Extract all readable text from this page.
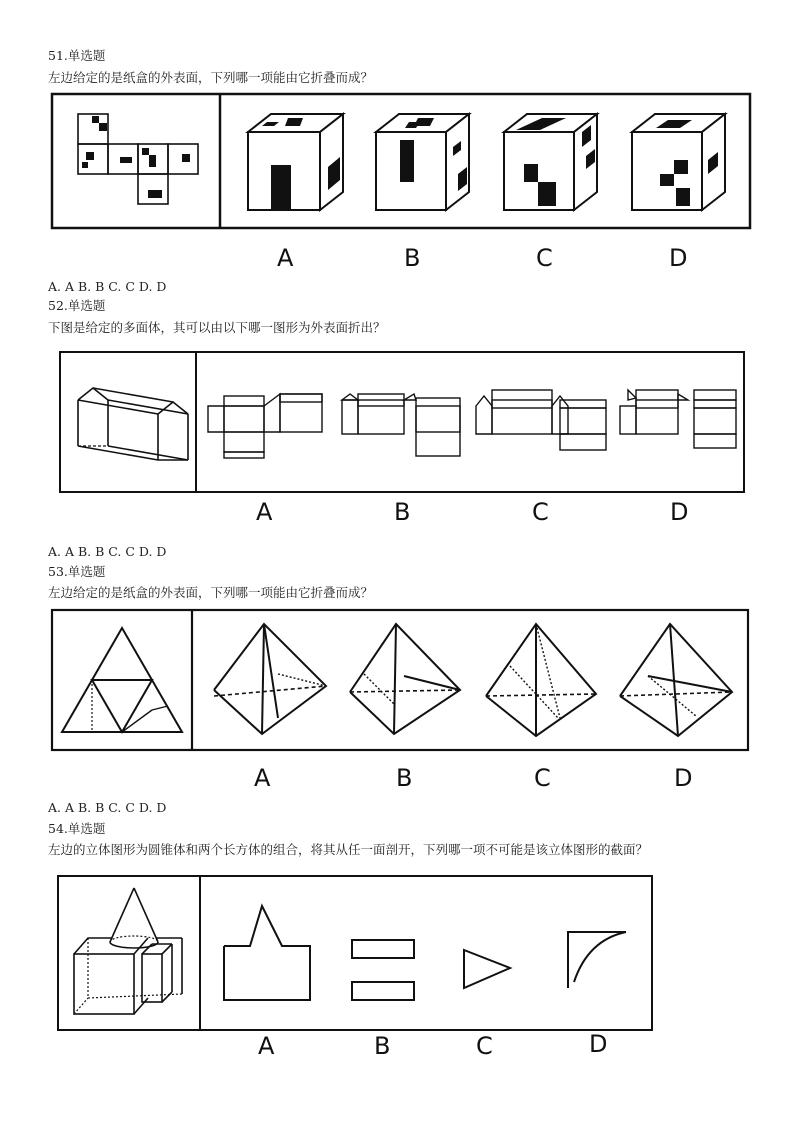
51.单选题
左边给定的是纸盒的外表面，下列哪一项能由它折叠而成？
A	B	C	D
A. A B. B C. C D. D
52.单选题
下图是给定的多面体，其可以由以下哪一图形为外表面折出？
A	B	C	D
A. A B. B C. C D. D
53.单选题
左边给定的是纸盒的外表面，下列哪一项能由它折叠而成？
A	B	C	D
A. A B. B C. C D. D
54.单选题
左边的立体图形为圆锥体和两个长方体的组合，将其从任一面剖开，下列哪一项不可能是该立体图形的截面？
A	B	C	D
